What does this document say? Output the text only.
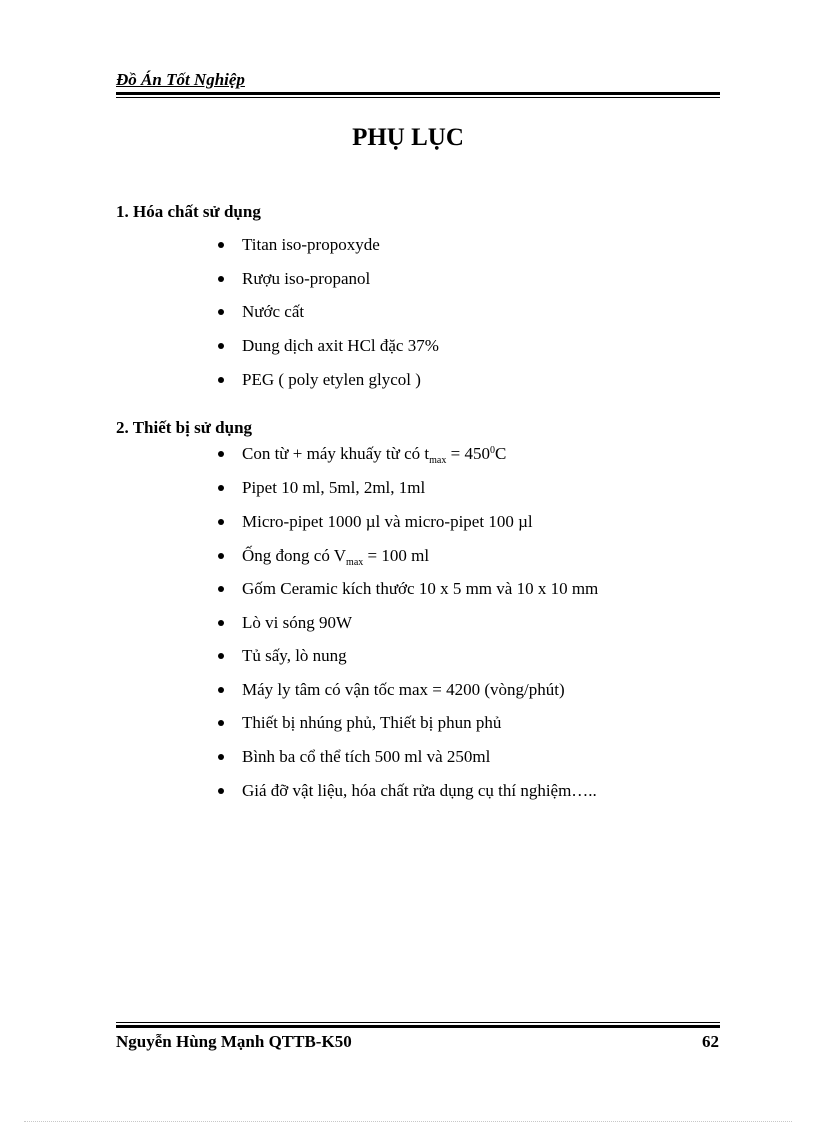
Đồ Án Tốt Nghiệp
PHỤ LỤC
1. Hóa chất sử dụng
Titan iso-propoxyde
Rượu iso-propanol
Nước cất
Dung dịch axit HCl đặc 37%
PEG ( poly etylen glycol )
2. Thiết bị sử dụng
Con từ + máy khuấy từ có $t_{max} = 450^0C$
Pipet 10 ml, 5ml, 2ml, 1ml
Micro-pipet 1000 µl và micro-pipet 100 µl
Ống đong có $V_{max} = 100$ ml
Gốm Ceramic kích thước 10 x 5 mm và 10 x 10 mm
Lò vi sóng 90W
Tủ sấy, lò nung
Máy ly tâm có vận tốc max = 4200 (vòng/phút)
Thiết bị nhúng phủ, Thiết bị phun phủ
Bình ba cổ thể tích 500 ml và 250ml
Giá đỡ vật liệu, hóa chất rửa dụng cụ thí nghiệm…..
Nguyễn Hùng Mạnh QTTB-K50	62
